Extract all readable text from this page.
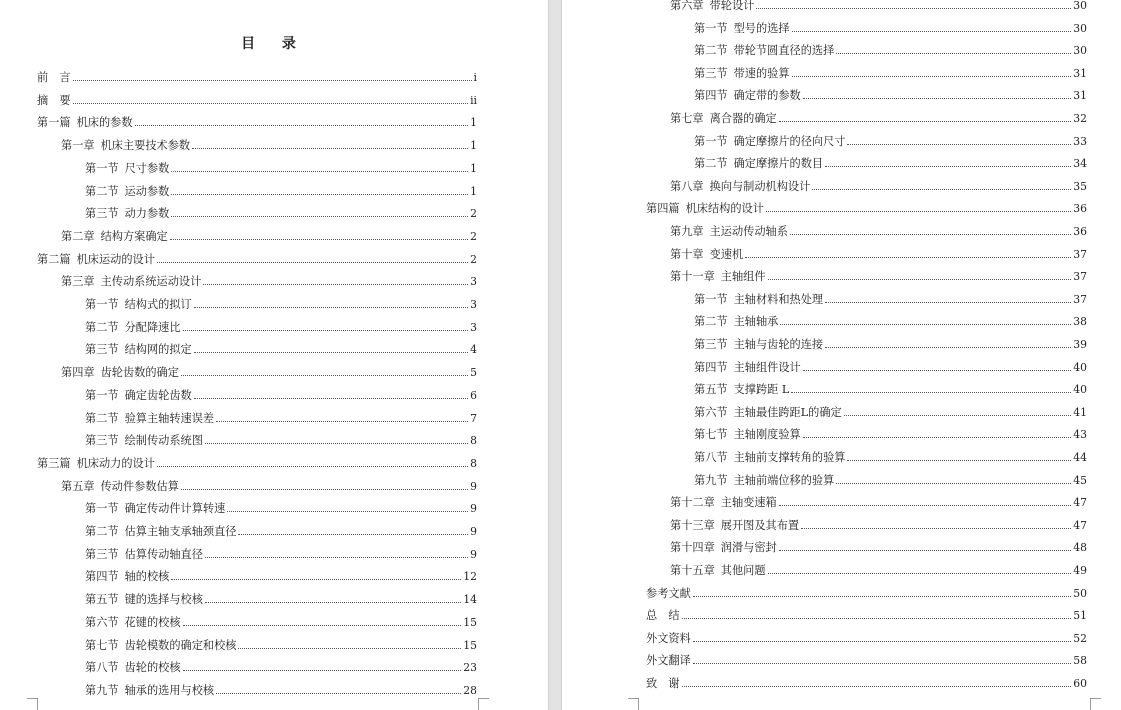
目 录
前　言	i
摘　要	ii
第一篇 机床的参数	1
第一章 机床主要技术参数	1
第一节 尺寸参数	1
第二节 运动参数	1
第三节 动力参数	2
第二章 结构方案确定	2
第二篇 机床运动的设计	2
第三章 主传动系统运动设计	3
第一节 结构式的拟订	3
第二节 分配降速比	3
第三节 结构网的拟定	4
第四章 齿轮齿数的确定	5
第一节 确定齿轮齿数	6
第二节 验算主轴转速误差	7
第三节 绘制传动系统图	8
第三篇 机床动力的设计	8
第五章 传动件参数估算	9
第一节 确定传动件计算转速	9
第二节 估算主轴支承轴颈直径	9
第三节 估算传动轴直径	9
第四节 轴的校核	12
第五节 键的选择与校核	14
第六节 花键的校核	15
第七节 齿轮模数的确定和校核	15
第八节 齿轮的校核	23
第九节 轴承的选用与校核	28
第六章 带轮设计	30
第一节 型号的选择	30
第二节 带轮节圆直径的选择	30
第三节 带速的验算	31
第四节 确定带的参数	31
第七章 离合器的确定	32
第一节 确定摩擦片的径向尺寸	33
第二节 确定摩擦片的数目	34
第八章 换向与制动机构设计	35
第四篇 机床结构的设计	36
第九章 主运动传动轴系	36
第十章 变速机	37
第十一章 主轴组件	37
第一节 主轴材料和热处理	37
第二节 主轴轴承	38
第三节 主轴与齿轮的连接	39
第四节 主轴组件设计	40
第五节 支撑跨距 L	40
第六节 主轴最佳跨距L的确定	41
第七节 主轴刚度验算	43
第八节 主轴前支撑转角的验算	44
第九节 主轴前端位移的验算	45
第十二章 主轴变速箱	47
第十三章 展开图及其布置	47
第十四章 润滑与密封	48
第十五章 其他问题	49
参考文献	50
总　结	51
外文资料	52
外文翻译	58
致　谢	60
